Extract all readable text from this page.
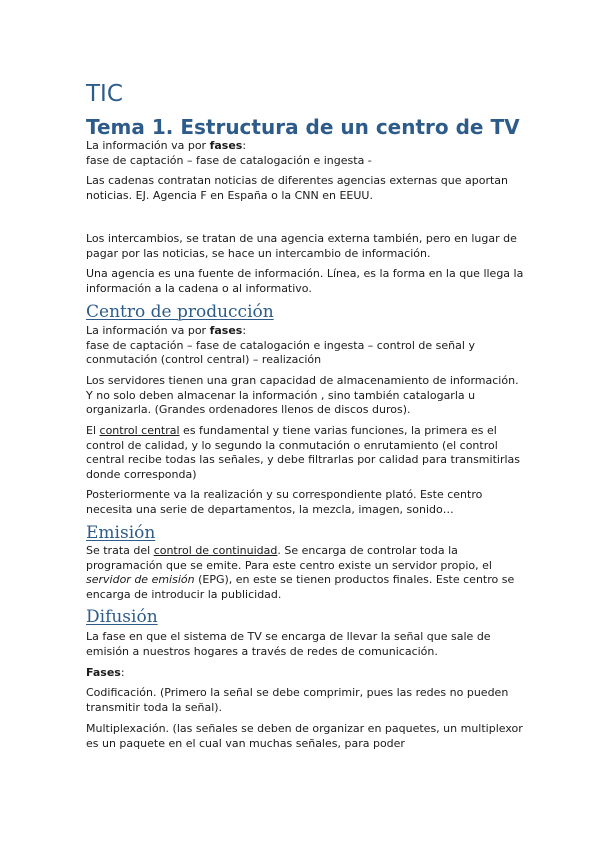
TIC
Tema 1. Estructura de un centro de TV
La información va por fases:
fase de captación – fase de catalogación e ingesta -

Las cadenas contratan noticias de diferentes agencias externas que aportan noticias. EJ. Agencia F en España o la CNN en EEUU.

Los intercambios, se tratan de una agencia externa también, pero en lugar de pagar por las noticias, se hace un intercambio de información.

Una agencia es una fuente de información. Línea, es la forma en la que llega la información a la cadena o al informativo.

Centro de producción
La información va por fases:
fase de captación – fase de catalogación e ingesta – control de señal y conmutación (control central) – realización

Los servidores tienen una gran capacidad de almacenamiento de información. Y no solo deben almacenar la información , sino también catalogarla u organizarla. (Grandes ordenadores llenos de discos duros).

El control central es fundamental y tiene varias funciones, la primera es el control de calidad, y lo segundo la conmutación o enrutamiento (el control central recibe todas las señales, y debe filtrarlas por calidad para transmitirlas donde corresponda)

Posteriormente va la realización y su correspondiente plató. Este centro necesita una serie de departamentos, la mezcla, imagen, sonido…

Emisión
Se trata del control de continuidad. Se encarga de controlar toda la programación que se emite. Para este centro existe un servidor propio, el servidor de emisión (EPG), en este se tienen productos finales. Este centro se encarga de introducir la publicidad.
Difusión

La fase en que el sistema de TV se encarga de llevar la señal que sale de emisión a nuestros hogares a través de redes de comunicación.

Fases:

Codificación. (Primero la señal se debe comprimir, pues las redes no pueden transmitir toda la señal).

Multiplexación. (las señales se deben de organizar en paquetes, un multiplexor es un paquete en el cual van muchas señales, para poder
